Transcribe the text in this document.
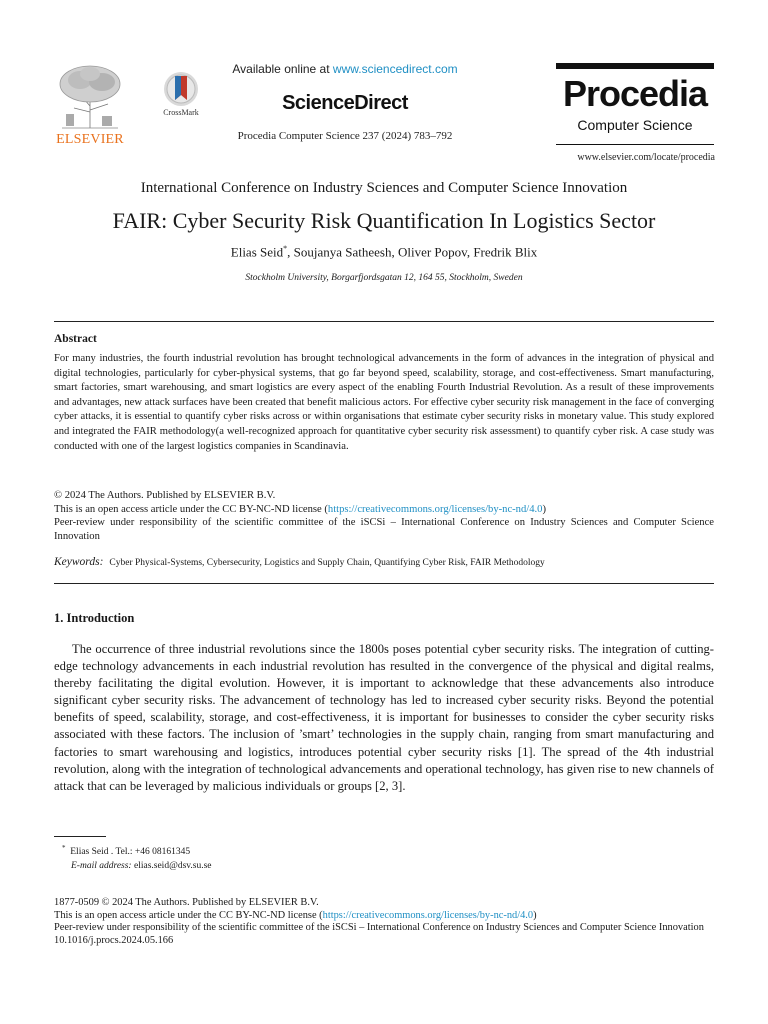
ELSEVIER
CrossMark
Available online at www.sciencedirect.com
ScienceDirect
Procedia Computer Science 237 (2024) 783–792
Procedia
Computer Science
www.elsevier.com/locate/procedia
International Conference on Industry Sciences and Computer Science Innovation
FAIR: Cyber Security Risk Quantification In Logistics Sector
Elias Seid*, Soujanya Satheesh, Oliver Popov, Fredrik Blix
Stockholm University, Borgarfjordsgatan 12, 164 55, Stockholm, Sweden
Abstract
For many industries, the fourth industrial revolution has brought technological advancements in the form of advances in the integration of physical and digital technologies, particularly for cyber-physical systems, that go far beyond speed, scalability, storage, and cost-effectiveness. Smart manufacturing, smart factories, smart warehousing, and smart logistics are every aspect of the enabling Fourth Industrial Revolution. As a result of these improvements and advantages, new attack surfaces have been created that benefit malicious actors. For effective cyber security risk management in the face of converging cyber attacks, it is essential to quantify cyber risks across or within organisations that estimate cyber security risks in monetary value. This study explored and integrated the FAIR methodology(a well-recognized approach for quantitative cyber security risk assessment) to quantify cyber risk. A case study was conducted with one of the largest logistics companies in Scandinavia.
© 2024 The Authors. Published by ELSEVIER B.V.
This is an open access article under the CC BY-NC-ND license (https://creativecommons.org/licenses/by-nc-nd/4.0)
Peer-review under responsibility of the scientific committee of the iSCSi – International Conference on Industry Sciences and Computer Science Innovation
Keywords: Cyber Physical-Systems, Cybersecurity, Logistics and Supply Chain, Quantifying Cyber Risk, FAIR Methodology
1. Introduction
The occurrence of three industrial revolutions since the 1800s poses potential cyber security risks. The integration of cutting-edge technology advancements in each industrial revolution has resulted in the convergence of the physical and digital realms, thereby facilitating the digital evolution. However, it is important to acknowledge that these advancements also introduce significant cyber security risks. The advancement of technology has led to increased cyber security risks. Beyond the potential benefits of speed, scalability, storage, and cost-effectiveness, it is important for businesses to consider the cyber security risks associated with these factors. The inclusion of ’smart’ technologies in the supply chain, ranging from smart manufacturing and factories to smart warehousing and logistics, introduces potential cyber security risks [1]. The spread of the 4th industrial revolution, along with the integration of technological advancements and operational technology, has given rise to new channels of attack that can be leveraged by malicious individuals or groups [2, 3].
* Elias Seid . Tel.: +46 08161345
E-mail address: elias.seid@dsv.su.se
1877-0509 © 2024 The Authors. Published by ELSEVIER B.V.
This is an open access article under the CC BY-NC-ND license (https://creativecommons.org/licenses/by-nc-nd/4.0)
Peer-review under responsibility of the scientific committee of the iSCSi – International Conference on Industry Sciences and Computer Science Innovation
10.1016/j.procs.2024.05.166
